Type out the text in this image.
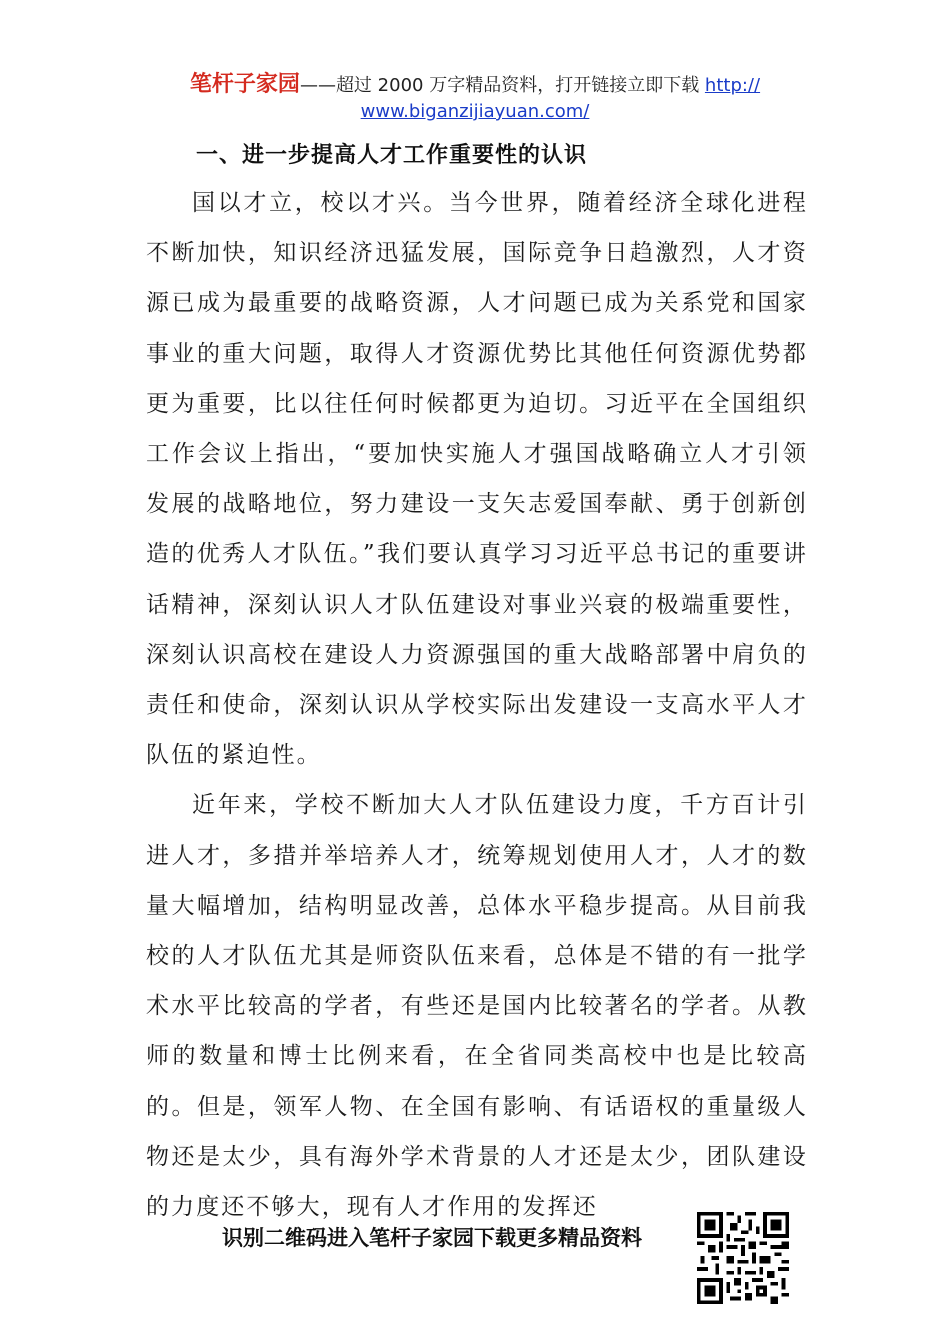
笔杆子家园——超过 2000 万字精品资料，打开链接立即下载 http://
www.biganzijiayuan.com/
一、进一步提高人才工作重要性的认识

国以才立，校以才兴。当今世界，随着经济全球化进程不断加快，知识经济迅猛发展，国际竞争日趋激烈，人才资源已成为最重要的战略资源，人才问题已成为关系党和国家事业的重大问题，取得人才资源优势比其他任何资源优势都更为重要，比以往任何时候都更为迫切。习近平在全国组织工作会议上指出，“要加快实施人才强国战略确立人才引领发展的战略地位，努力建设一支矢志爱国奉献、勇于创新创造的优秀人才队伍。”我们要认真学习习近平总书记的重要讲话精神，深刻认识人才队伍建设对事业兴衰的极端重要性，深刻认识高校在建设人力资源强国的重大战略部署中肩负的责任和使命，深刻认识从学校实际出发建设一支高水平人才队伍的紧迫性。

近年来，学校不断加大人才队伍建设力度，千方百计引进人才，多措并举培养人才，统筹规划使用人才，人才的数量大幅增加，结构明显改善，总体水平稳步提高。从目前我校的人才队伍尤其是师资队伍来看，总体是不错的有一批学术水平比较高的学者，有些还是国内比较著名的学者。从教师的数量和博士比例来看，在全省同类高校中也是比较高的。但是，领军人物、在全国有影响、有话语权的重量级人物还是太少，具有海外学术背景的人才还是太少，团队建设的力度还不够大，现有人才作用的发挥还

识别二维码进入笔杆子家园下载更多精品资料
